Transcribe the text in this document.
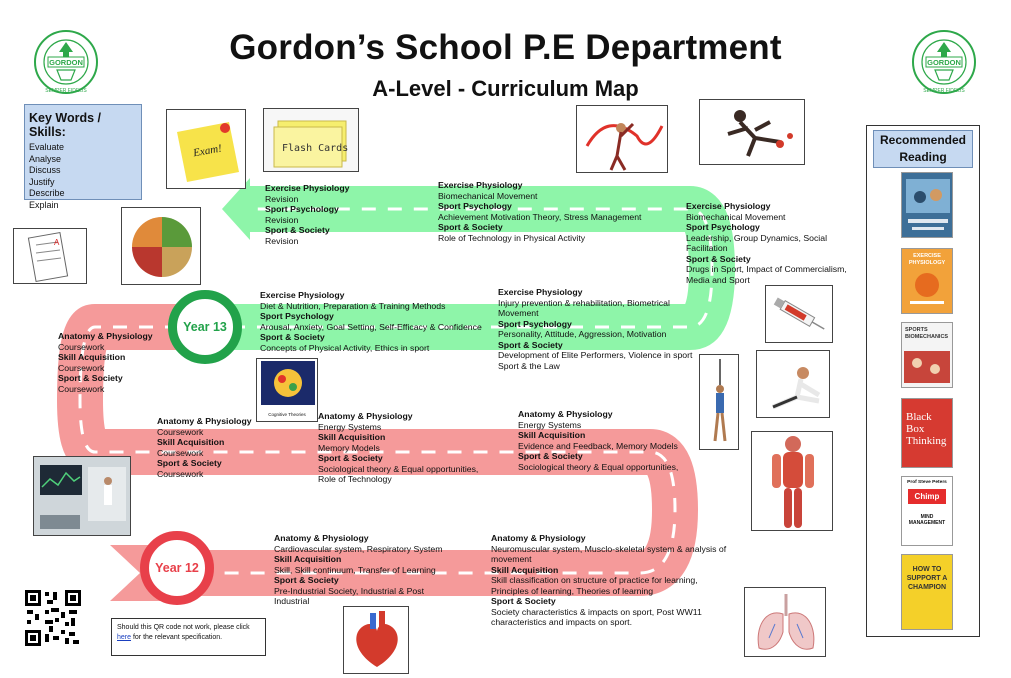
Gordon’s School P.E Department
A-Level - Curriculum Map
GORDON
SEMPER FIDELIS
GORDON
SEMPER FIDELIS
Key Words / Skills:
Evaluate
Analyse
Discuss
Justify
Describe
Explain
Recommended Reading
EXERCISE PHYSIOLOGY
SPORTS BIOMECHANICS
Black Box Thinking
Prof Steve Peters
Chimp
MIND MANAGEMENT
HOW TO SUPPORT A CHAMPION
Exam!	Flash Cards
A
Cognitive Theories
Year 13
Year 12
Exercise Physiology
Revision
Sport Psychology
Revision
Sport & Society
Revision
Exercise Physiology
Biomechanical Movement
Sport Psychology
Achievement Motivation Theory, Stress Management
Sport & Society
Role of Technology in Physical Activity
Exercise Physiology
Biomechanical Movement
Sport Psychology
Leadership, Group Dynamics, Social Facilitation
Sport & Society
Drugs in Sport, Impact of Commercialism, Media and Sport
Exercise Physiology
Diet & Nutrition, Preparation & Training Methods
Sport Psychology
Arousal, Anxiety, Goal Setting, Self-Efficacy & Confidence
Sport & Society
Concepts of Physical Activity, Ethics in sport
Exercise Physiology
Injury prevention & rehabilitation, Biometrical Movement
Sport Psychology
Personality, Attitude, Aggression, Motivation
Sport & Society
Development of Elite Performers, Violence in sport
Sport & the Law
Anatomy & Physiology
Coursework
Skill Acquisition
Coursework
Sport & Society
Coursework
Anatomy & Physiology
Coursework
Skill Acquisition
Coursework
Sport & Society
Coursework
Anatomy & Physiology
Energy Systems
Skill Acquisition
Memory Models
Sport & Society
Sociological theory & Equal opportunities, Role of Technology
Anatomy & Physiology
Energy Systems
Skill Acquisition
Evidence and Feedback, Memory Models
Sport & Society
Sociological theory & Equal opportunities,
Anatomy & Physiology
Cardiovascular system, Respiratory System
Skill Acquisition
Skill, Skill continuum, Transfer of Learning
Sport & Society
Pre-Industrial Society, Industrial & Post Industrial
Anatomy & Physiology
Neuromuscular system, Musclo-skeletal system & analysis of movement
Skill Acquisition
Skill classification on structure of practice for learning, Principles of learning, Theories of learning
Sport & Society
Society characteristics & impacts on sport, Post WW11 characteristics and impacts on sport.
Should this QR code not work, please click here for the relevant specification.
